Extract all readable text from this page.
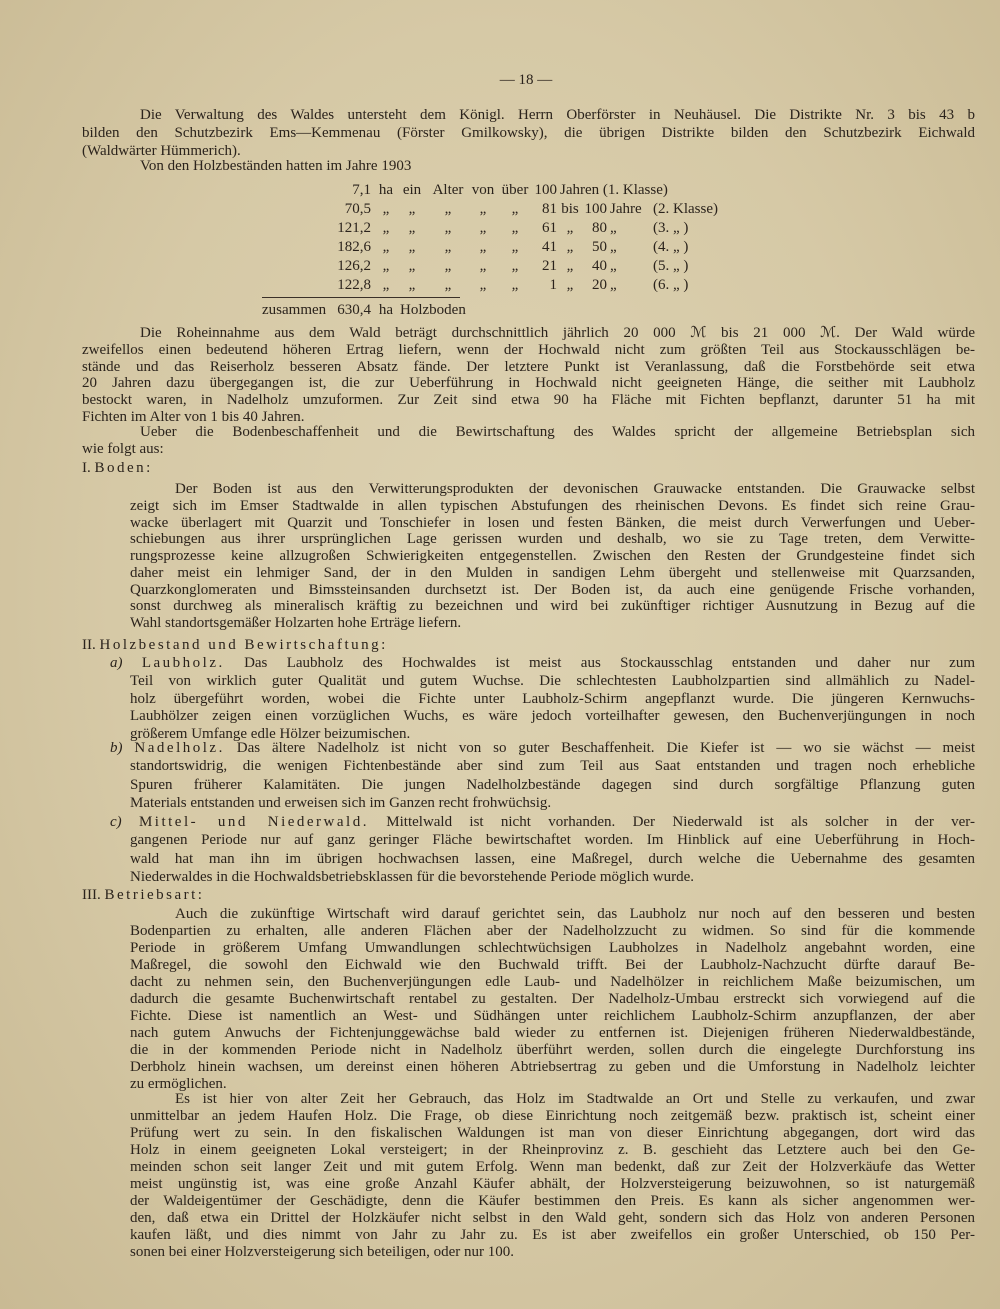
— 18 —
Die Verwaltung des Waldes untersteht dem Königl. Herrn Oberförster in Neuhäusel. Die Distrikte Nr. 3 bis 43 b
bilden den Schutzbezirk Ems—Kemmenau (Förster Gmilkowsky), die übrigen Distrikte bilden den Schutzbezirk Eichwald
(Waldwärter Hümmerich).
Von den Holzbeständen hatten im Jahre 1903
7,1 ha ein Alter von über 100 Jahren (1. Klasse)
70,5 „	„	„	„	„	81 bis 100 Jahre (2. Klasse)
121,2 „	„	„	„	„	61 „	80 „	(3. „ )
182,6 „	„	„	„	„	41 „	50 „	(4. „ )
126,2 „	„	„	„	„	21 „	40 „	(5. „ )
122,8 „	„	„	„	„	1 „	20 „	(6. „ )
zusammen 630,4 ha Holzboden
Die Roheinnahme aus dem Wald beträgt durchschnittlich jährlich 20 000 ℳ bis 21 000 ℳ. Der Wald würde
zweifellos einen bedeutend höheren Ertrag liefern, wenn der Hochwald nicht zum größten Teil aus Stockausschlägen be-
stände und das Reiserholz besseren Absatz fände. Der letztere Punkt ist Veranlassung, daß die Forstbehörde seit etwa
20 Jahren dazu übergegangen ist, die zur Ueberführung in Hochwald nicht geeigneten Hänge, die seither mit Laubholz
bestockt waren, in Nadelholz umzuformen. Zur Zeit sind etwa 90 ha Fläche mit Fichten bepflanzt, darunter 51 ha mit
Fichten im Alter von 1 bis 40 Jahren.
Ueber die Bodenbeschaffenheit und die Bewirtschaftung des Waldes spricht der allgemeine Betriebsplan sich
wie folgt aus:
I. Boden:
Der Boden ist aus den Verwitterungsprodukten der devonischen Grauwacke entstanden. Die Grauwacke selbst
zeigt sich im Emser Stadtwalde in allen typischen Abstufungen des rheinischen Devons. Es findet sich reine Grau-
wacke überlagert mit Quarzit und Tonschiefer in losen und festen Bänken, die meist durch Verwerfungen und Ueber-
schiebungen aus ihrer ursprünglichen Lage gerissen wurden und deshalb, wo sie zu Tage treten, dem Verwitte-
rungsprozesse keine allzugroßen Schwierigkeiten entgegenstellen. Zwischen den Resten der Grundgesteine findet sich
daher meist ein lehmiger Sand, der in den Mulden in sandigen Lehm übergeht und stellenweise mit Quarzsanden,
Quarzkonglomeraten und Bimssteinsanden durchsetzt ist. Der Boden ist, da auch eine genügende Frische vorhanden,
sonst durchweg als mineralisch kräftig zu bezeichnen und wird bei zukünftiger richtiger Ausnutzung in Bezug auf die
Wahl standortsgemäßer Holzarten hohe Erträge liefern.
II. Holzbestand und Bewirtschaftung:
a) Laubholz. Das Laubholz des Hochwaldes ist meist aus Stockausschlag entstanden und daher nur zum
Teil von wirklich guter Qualität und gutem Wuchse. Die schlechtesten Laubholzpartien sind allmählich zu Nadel-
holz übergeführt worden, wobei die Fichte unter Laubholz-Schirm angepflanzt wurde. Die jüngeren Kernwuchs-
Laubhölzer zeigen einen vorzüglichen Wuchs, es wäre jedoch vorteilhafter gewesen, den Buchenverjüngungen in noch
größerem Umfange edle Hölzer beizumischen.
b) Nadelholz. Das ältere Nadelholz ist nicht von so guter Beschaffenheit. Die Kiefer ist — wo sie wächst — meist
standortswidrig, die wenigen Fichtenbestände aber sind zum Teil aus Saat entstanden und tragen noch erhebliche
Spuren früherer Kalamitäten. Die jungen Nadelholzbestände dagegen sind durch sorgfältige Pflanzung guten
Materials entstanden und erweisen sich im Ganzen recht frohwüchsig.
c) Mittel- und Niederwald. Mittelwald ist nicht vorhanden. Der Niederwald ist als solcher in der ver-
gangenen Periode nur auf ganz geringer Fläche bewirtschaftet worden. Im Hinblick auf eine Ueberführung in Hoch-
wald hat man ihn im übrigen hochwachsen lassen, eine Maßregel, durch welche die Uebernahme des gesamten
Niederwaldes in die Hochwaldsbetriebsklassen für die bevorstehende Periode möglich wurde.
III. Betriebsart:
Auch die zukünftige Wirtschaft wird darauf gerichtet sein, das Laubholz nur noch auf den besseren und besten
Bodenpartien zu erhalten, alle anderen Flächen aber der Nadelholzzucht zu widmen. So sind für die kommende
Periode in größerem Umfang Umwandlungen schlechtwüchsigen Laubholzes in Nadelholz angebahnt worden, eine
Maßregel, die sowohl den Eichwald wie den Buchwald trifft. Bei der Laubholz-Nachzucht dürfte darauf Be-
dacht zu nehmen sein, den Buchenverjüngungen edle Laub- und Nadelhölzer in reichlichem Maße beizumischen, um
dadurch die gesamte Buchenwirtschaft rentabel zu gestalten. Der Nadelholz-Umbau erstreckt sich vorwiegend auf die
Fichte. Diese ist namentlich an West- und Südhängen unter reichlichem Laubholz-Schirm anzupflanzen, der aber
nach gutem Anwuchs der Fichtenjunggewächse bald wieder zu entfernen ist. Diejenigen früheren Niederwaldbestände,
die in der kommenden Periode nicht in Nadelholz überführt werden, sollen durch die eingelegte Durchforstung ins
Derbholz hinein wachsen, um dereinst einen höheren Abtriebsertrag zu geben und die Umforstung in Nadelholz leichter
zu ermöglichen.
Es ist hier von alter Zeit her Gebrauch, das Holz im Stadtwalde an Ort und Stelle zu verkaufen, und zwar
unmittelbar an jedem Haufen Holz. Die Frage, ob diese Einrichtung noch zeitgemäß bezw. praktisch ist, scheint einer
Prüfung wert zu sein. In den fiskalischen Waldungen ist man von dieser Einrichtung abgegangen, dort wird das
Holz in einem geeigneten Lokal versteigert; in der Rheinprovinz z. B. geschieht das Letztere auch bei den Ge-
meinden schon seit langer Zeit und mit gutem Erfolg. Wenn man bedenkt, daß zur Zeit der Holzverkäufe das Wetter
meist ungünstig ist, was eine große Anzahl Käufer abhält, der Holzversteigerung beizuwohnen, so ist naturgemäß
der Waldeigentümer der Geschädigte, denn die Käufer bestimmen den Preis. Es kann als sicher angenommen wer-
den, daß etwa ein Drittel der Holzkäufer nicht selbst in den Wald geht, sondern sich das Holz von anderen Personen
kaufen läßt, und dies nimmt von Jahr zu Jahr zu. Es ist aber zweifellos ein großer Unterschied, ob 150 Per-
sonen bei einer Holzversteigerung sich beteiligen, oder nur 100.
